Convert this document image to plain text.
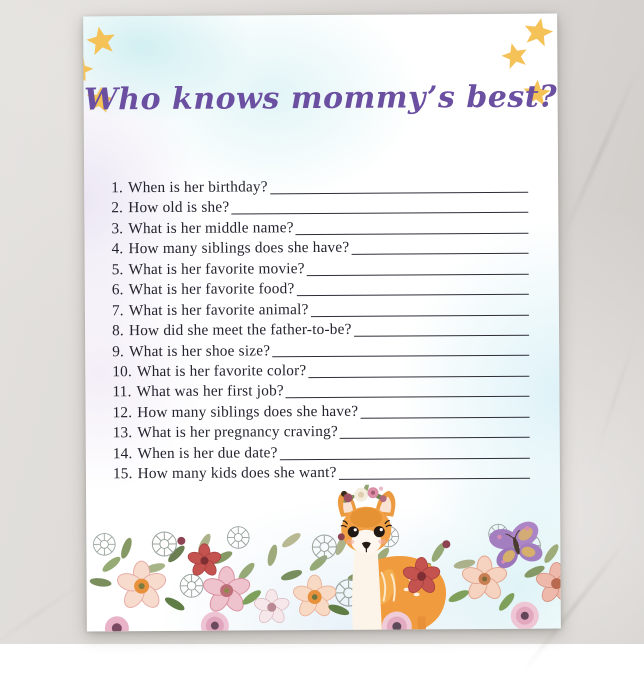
Who knows mommy’s best?
1. When is her birthday?
2. How old is she?
3. What is her middle name?
4. How many siblings does she have?
5. What is her favorite movie?
6. What is her favorite food?
7. What is her favorite animal?
8. How did she meet the father-to-be?
9. What is her shoe size?
10. What is her favorite color?
11. What was her first job?
12. How many siblings does she have?
13. What is her pregnancy craving?
14. When is her due date?
15. How many kids does she want?
